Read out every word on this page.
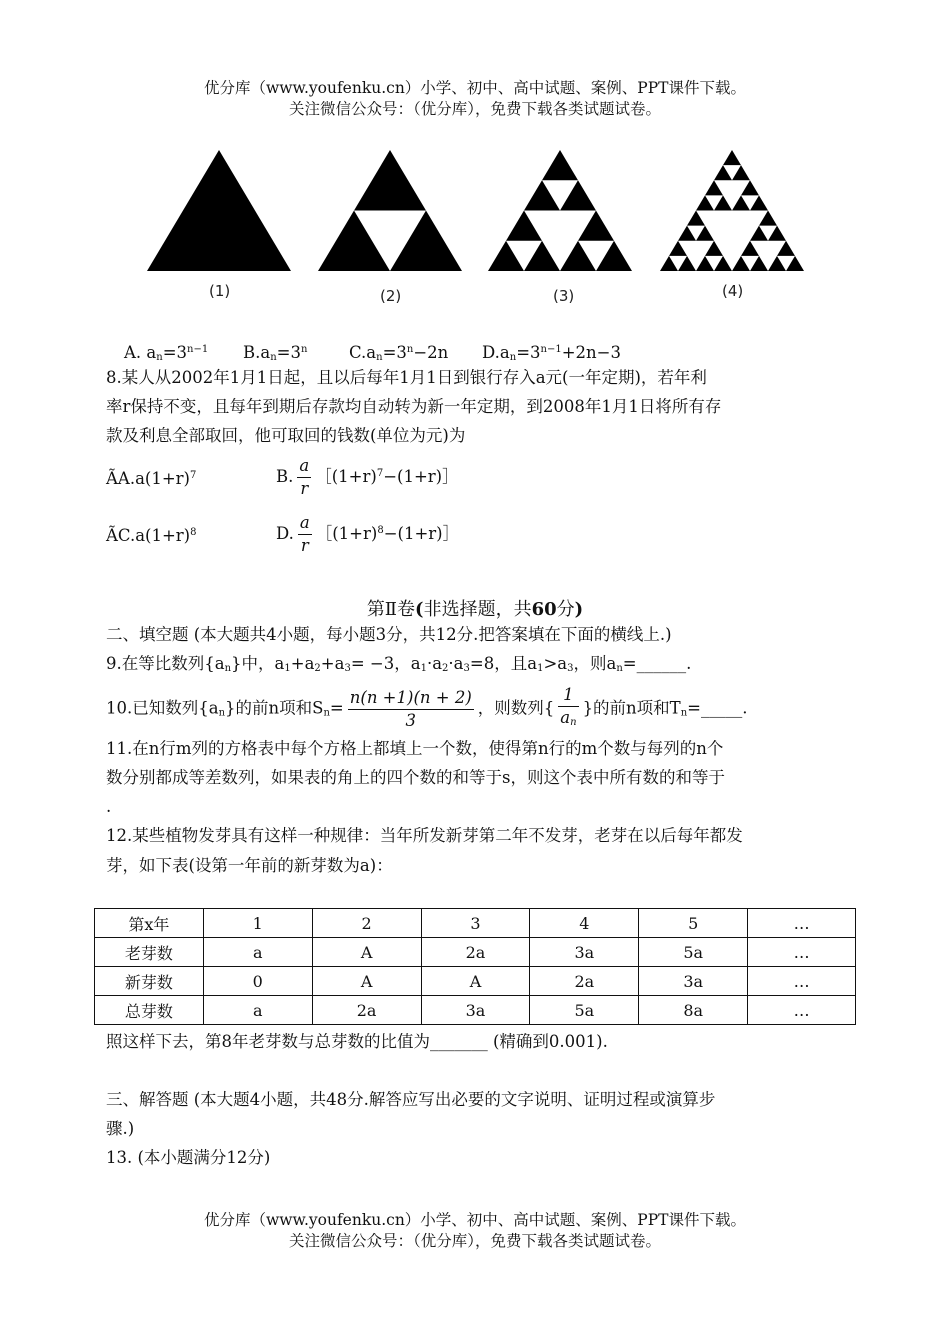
优分库（www.youfenku.cn）小学、初中、高中试题、案例、PPT课件下载。
关注微信公众号：（优分库），免费下载各类试题试卷。
(1)	(2)	(3)	(4)
A. $a_n=3^{n-1}$ $B.a_n=3^n$	$C.a_n=3^n-2n$ $D.a_n=3^{n-1}+2n-3$
8.某人从2002年1月1日起，且以后每年1月1日到银行存入a元(一年定期)，若年利
率r保持不变，且每年到期后存款均自动转为新一年定期，到2008年1月1日将所有存
款及利息全部取回，他可取回的钱数(单位为元)为
$ÃA.a(1+r)^7$	B. $\frac{a}{r}$ $[(1+r)^7-(1+r)]$
$ÃC.a(1+r)^8$	D. $\frac{a}{r}$ $[(1+r)^8-(1+r)]$
第Ⅱ卷(非选择题，共60分)
二、填空题 (本大题共4小题，每小题3分，共12分.把答案填在下面的横线上.)
9.在等比数列$\{a_n\}$中，$a_1+a_2+a_3= -3$，$a_1\cdot a_2\cdot a_3=8$，且$a_1>a_3$，则$a_n=\_\_\_\_\_\_$.
10.已知数列$\{a_n\}$的前n项和$S_n= \frac{n(n +1)(n + 2)}{3}$ ，则数列{ $\frac{1}{a_n}$ }的前n项和$T_n=\_\_\_\_\_$.
11.在n行m列的方格表中每个方格上都填上一个数，使得第n行的m个数与每列的n个
数分别都成等差数列，如果表的角上的四个数的和等于s，则这个表中所有数的和等于
.
12.某些植物发芽具有这样一种规律：当年所发新芽第二年不发芽，老芽在以后每年都发
芽，如下表(设第一年前的新芽数为a)：
第x年	1	2	3	4	5	…
老芽数	a	A	2a	3a	5a	…
新芽数	0	A	A	2a	3a	…
总芽数	a	2a	3a	5a	8a	…
照这样下去，第8年老芽数与总芽数的比值为_______ (精确到0.001).
三、解答题 (本大题4小题，共48分.解答应写出必要的文字说明、证明过程或演算步
骤.)
13. (本小题满分12分)
优分库（www.youfenku.cn）小学、初中、高中试题、案例、PPT课件下载。
关注微信公众号：（优分库），免费下载各类试题试卷。
